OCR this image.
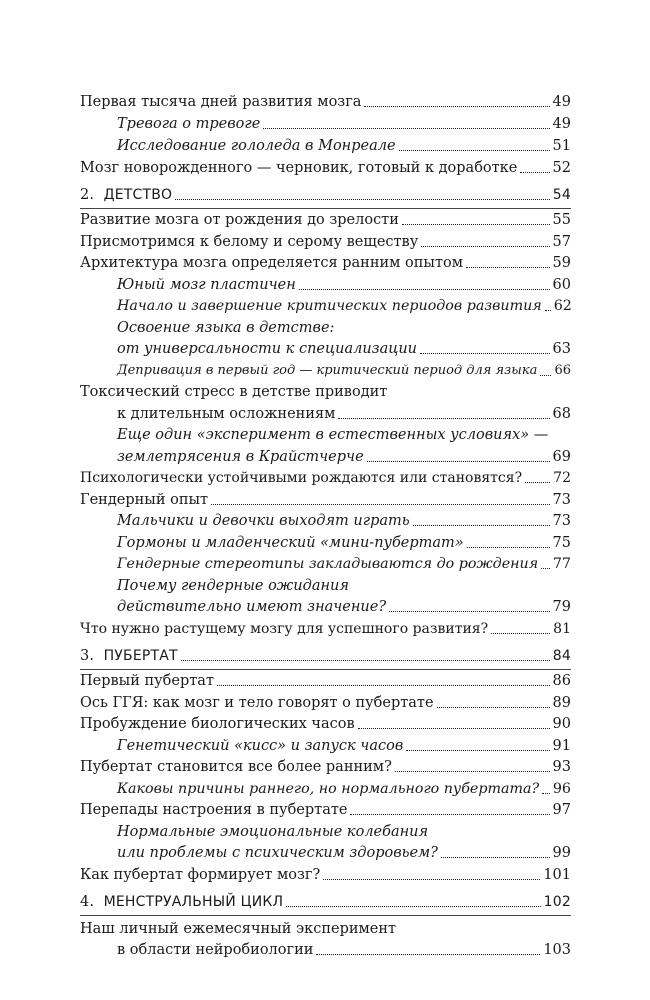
Первая тысяча дней развития мозга	49
Тревога о тревоге	49
Исследование гололеда в Монреале	51
Мозг новорожденного — черновик, готовый к доработке 52
2. ДЕТСТВО	54
Развитие мозга от рождения до зрелости	55
Присмотримся к белому и серому веществу	57
Архитектура мозга определяется ранним опытом	59
Юный мозг пластичен	60
Начало и завершение критических периодов развития 62
Освоение языка в детстве:
от универсальности к специализации	63
Депривация в первый год — критический период для языка 66
Токсический стресс в детстве приводит
к длительным осложнениям	68
Еще один «эксперимент в естественных условиях» —
землетрясения в Крайстчерче	69
Психологически устойчивыми рождаются или становятся? 72
Гендерный опыт	73
Мальчики и девочки выходят играть	73
Гормоны и младенческий «мини-пубертат»	75
Гендерные стереотипы закладываются до рождения 77
Почему гендерные ожидания
действительно имеют значение?	79
Что нужно растущему мозгу для успешного развития?	81
3. ПУБЕРТАТ	84
Первый пубертат	86
Ось ГГЯ: как мозг и тело говорят о пубертате	89
Пробуждение биологических часов	90
Генетический «кисс» и запуск часов	91
Пубертат становится все более ранним?	93
Каковы причины раннего, но нормального пубертата? 96
Перепады настроения в пубертате	97
Нормальные эмоциональные колебания
или проблемы с психическим здоровьем?	99
Как пубертат формирует мозг?	101
4. МЕНСТРУАЛЬНЫЙ ЦИКЛ	102
Наш личный ежемесячный эксперимент
в области нейробиологии	103
